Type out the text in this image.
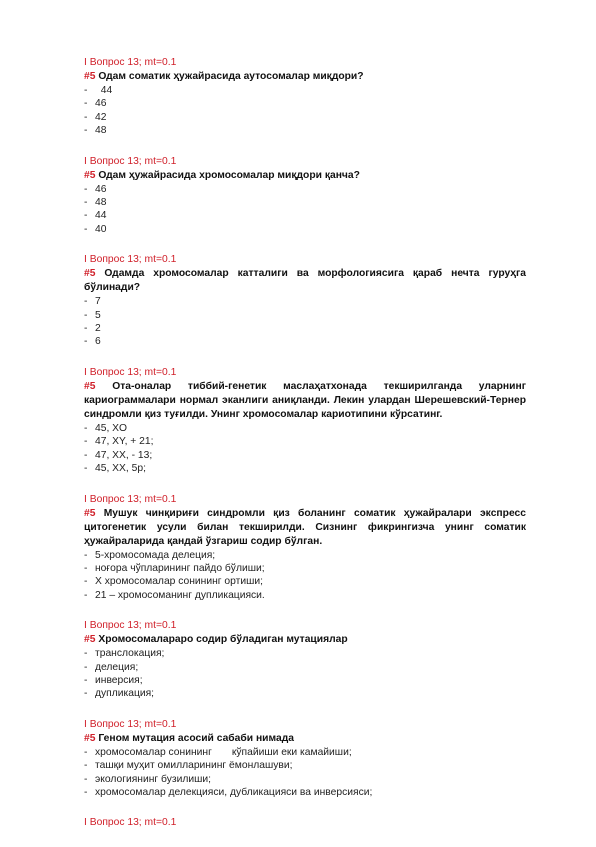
I Вопрос 13; mt=0.1
#5 Одам соматик ҳужайрасида аутосомалар миқдори?
-  44
- 46
- 42
- 48
I Вопрос 13; mt=0.1
#5 Одам ҳужайрасида хромосомалар миқдори қанча?
- 46
- 48
- 44
- 40
I Вопрос 13; mt=0.1
#5 Одамда хромосомалар катталиги ва морфологиясига қараб нечта гуруҳга бўлинади?
- 7
- 5
- 2
- 6
I Вопрос 13; mt=0.1
#5 Ота-оналар тиббий-генетик маслаҳатхонада текширилганда уларнинг кариограммалари нормал эканлиги аниқланди. Лекин улардан Шерешевский-Тернер синдромли қиз туғилди. Унинг хромосомалар кариотипини кўрсатинг.
- 45, XO
- 47, XY, + 21;
- 47, XX, - 13;
- 45, XX, 5p;
I Вопрос 13; mt=0.1
#5 Мушук чинқириғи синдромли қиз боланинг соматик ҳужайралари экспресс цитогенетик усули билан текширилди. Сизнинг фикрингизча унинг соматик ҳужайраларида қандай ўзгариш содир бўлган.
- 5-хромосомада делеция;
- ноғора чўпларининг пайдо бўлиши;
- Х хромосомалар сонининг ортиши;
- 21 – хромосоманинг дупликацияси.
I Вопрос 13; mt=0.1
#5 Хромосомалараро содир бўладиган мутациялар
- транслокация;
- делеция;
- инверсия;
- дупликация;
I Вопрос 13; mt=0.1
#5 Геном мутация асосий сабаби нимада
- хромосомалар сонининг       кўпайиши еки камайиши;
- ташқи муҳит омилларининг ёмонлашуви;
- экологиянинг бузилиши;
- хромосомалар делекцияси, дубликацияси ва инверсияси;
I Вопрос 13; mt=0.1
